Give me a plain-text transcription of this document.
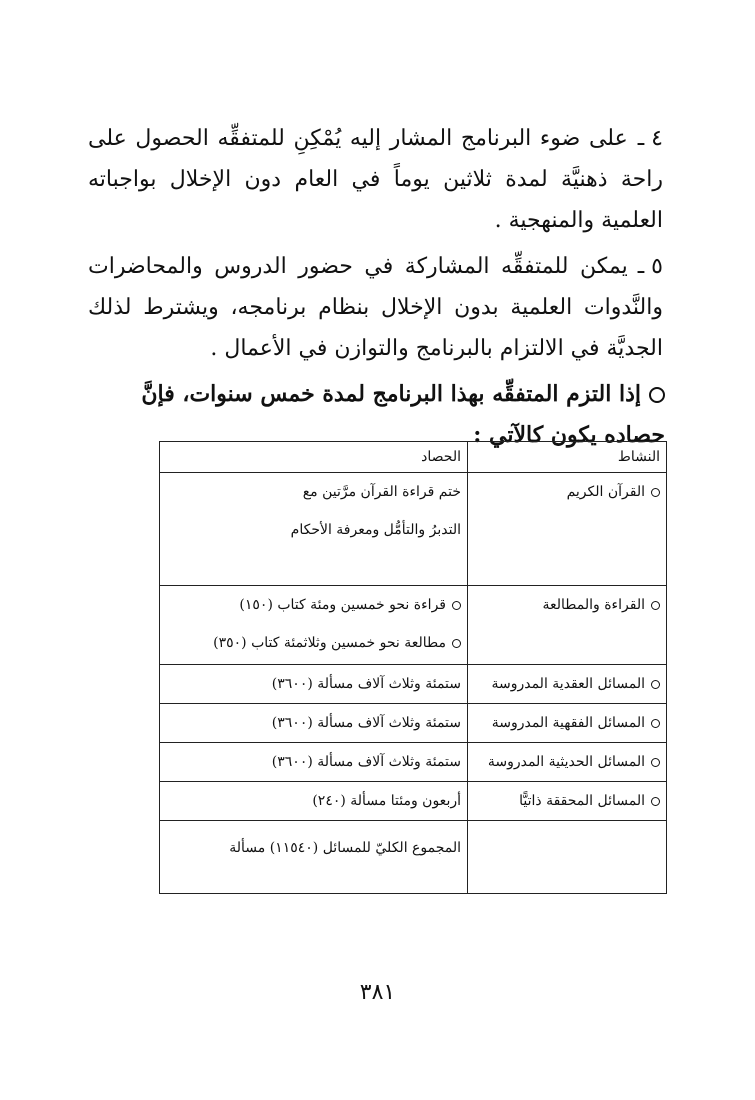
٤ ـعلى ضوء البرنامج المشار إليه يُمْكِنِ للمتفقِّه الحصول على راحة ذهنيَّة لمدة ثلاثين يوماً في العام دون الإخلال بواجباته العلمية والمنهجية .

٥ ـيمكن للمتفقِّه المشاركة في حضور الدروس والمحاضرات والنَّدوات العلمية بدون الإخلال بنظام برنامجه، ويشترط لذلك الجديَّة في الالتزام بالبرنامج والتوازن في الأعمال .

إذا التزم المتفقِّه بهذا البرنامج لمدة خمس سنوات، فإنَّ حصاده يكون كالآتي :

النشاط	الحصاد
القرآن الكريم	ختم قراءة القرآن مرَّتين مع
التدبرُ والتأمُّل ومعرفة الأحكام

القراءة والمطالعة	قراءة نحو خمسين ومئة كتاب (١٥٠)
مطالعة نحو خمسين وثلاثمئة كتاب (٣٥٠)

المسائل العقدية المدروسة	ستمئة وثلاث آلاف مسألة (٣٦٠٠)
المسائل الفقهية المدروسة	ستمئة وثلاث آلاف مسألة (٣٦٠٠)
المسائل الحديثية المدروسة	ستمئة وثلاث آلاف مسألة (٣٦٠٠)
المسائل المحققة ذاتيًّا	أربعون ومئتا مسألة (٢٤٠)
	المجموع الكليّ للمسائل (١١٥٤٠) مسألة
٣٨١
